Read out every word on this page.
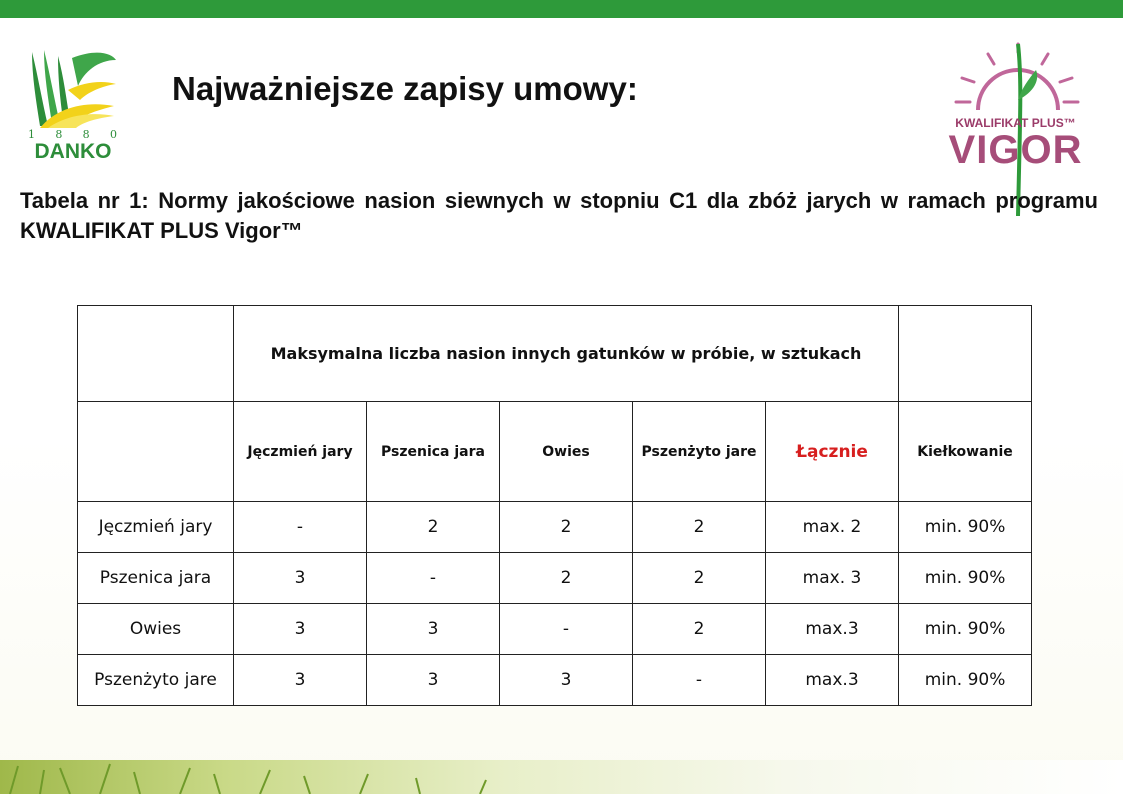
1 8 8 0
DANKO
Najważniejsze zapisy umowy:
KWALIFIKAT PLUS™
VIGOR
Tabela nr 1: Normy jakościowe nasion siewnych w stopniu C1 dla zbóż jarych w ramach programu KWALIFIKAT PLUS Vigor™
	Maksymalna liczba nasion innych gatunków w próbie, w sztukach					
	Jęczmień jary	Pszenica jara	Owies	Pszenżyto jare	Łącznie	Kiełkowanie
Jęczmień jary	-	2	2	2	max. 2	min. 90%
Pszenica jara	3	-	2	2	max. 3	min. 90%
Owies	3	3	-	2	max.3	min. 90%
Pszenżyto jare	3	3	3	-	max.3	min. 90%
